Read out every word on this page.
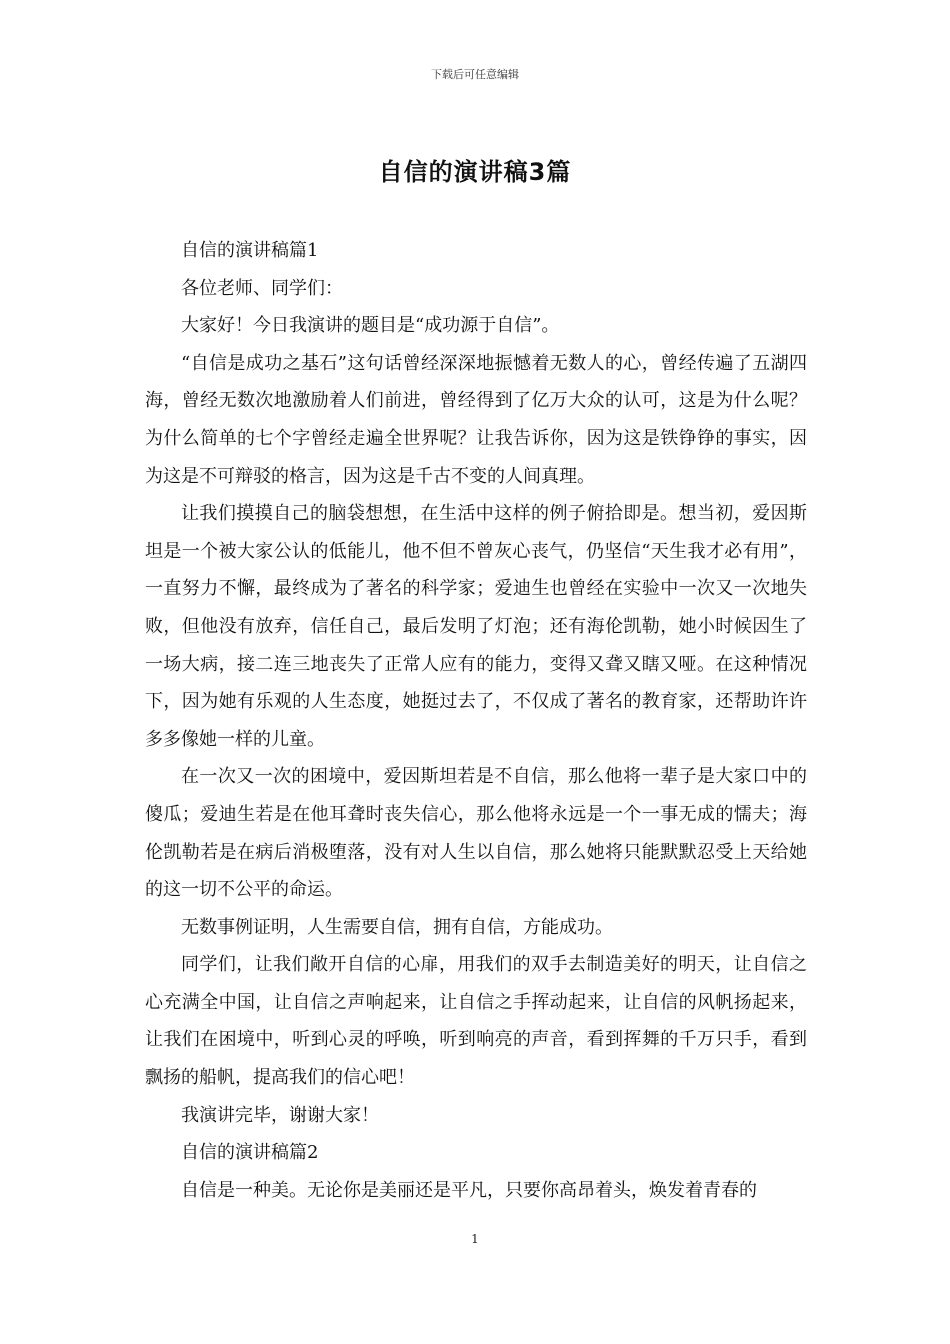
下载后可任意编辑
自信的演讲稿3篇

自信的演讲稿篇1

各位老师、同学们：

大家好！今日我演讲的题目是“成功源于自信”。

“自信是成功之基石”这句话曾经深深地振憾着无数人的心，曾经传遍了五湖四海，曾经无数次地激励着人们前进，曾经得到了亿万大众的认可，这是为什么呢？为什么简单的七个字曾经走遍全世界呢？让我告诉你，因为这是铁铮铮的事实，因为这是不可辩驳的格言，因为这是千古不变的人间真理。

让我们摸摸自己的脑袋想想，在生活中这样的例子俯拾即是。想当初，爱因斯坦是一个被大家公认的低能儿，他不但不曾灰心丧气，仍坚信“天生我才必有用”，一直努力不懈，最终成为了著名的科学家；爱迪生也曾经在实验中一次又一次地失败，但他没有放弃，信任自己，最后发明了灯泡；还有海伦凯勒，她小时候因生了一场大病，接二连三地丧失了正常人应有的能力，变得又聋又瞎又哑。在这种情况下，因为她有乐观的人生态度，她挺过去了，不仅成了著名的教育家，还帮助许许多多像她一样的儿童。

在一次又一次的困境中，爱因斯坦若是不自信，那么他将一辈子是大家口中的傻瓜；爱迪生若是在他耳聋时丧失信心，那么他将永远是一个一事无成的懦夫；海伦凯勒若是在病后消极堕落，没有对人生以自信，那么她将只能默默忍受上天给她的这一切不公平的命运。

无数事例证明，人生需要自信，拥有自信，方能成功。

同学们，让我们敞开自信的心扉，用我们的双手去制造美好的明天，让自信之心充满全中国，让自信之声响起来，让自信之手挥动起来，让自信的风帆扬起来，让我们在困境中，听到心灵的呼唤，听到响亮的声音，看到挥舞的千万只手，看到飘扬的船帆，提高我们的信心吧！

我演讲完毕，谢谢大家！

自信的演讲稿篇2

自信是一种美。无论你是美丽还是平凡，只要你高昂着头，焕发着青春的

1
